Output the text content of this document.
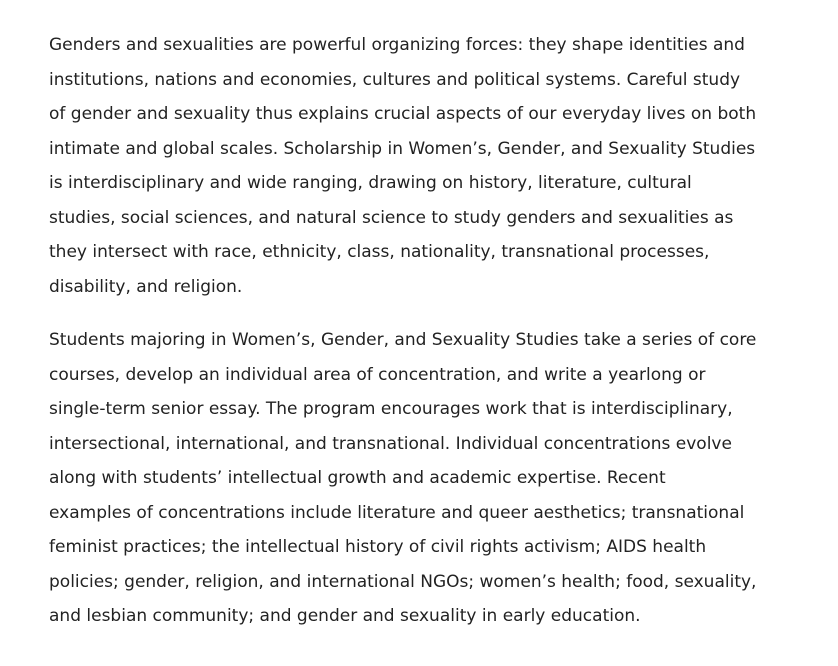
Genders and sexualities are powerful organizing forces: they shape identities and
institutions, nations and economies, cultures and political systems. Careful study
of gender and sexuality thus explains crucial aspects of our everyday lives on both
intimate and global scales. Scholarship in Women’s, Gender, and Sexuality Studies
is interdisciplinary and wide ranging, drawing on history, literature, cultural
studies, social sciences, and natural science to study genders and sexualities as
they intersect with race, ethnicity, class, nationality, transnational processes,
disability, and religion.

Students majoring in Women’s, Gender, and Sexuality Studies take a series of core
courses, develop an individual area of concentration, and write a yearlong or
single-term senior essay. The program encourages work that is interdisciplinary,
intersectional, international, and transnational. Individual concentrations evolve
along with students’ intellectual growth and academic expertise. Recent
examples of concentrations include literature and queer aesthetics; transnational
feminist practices; the intellectual history of civil rights activism; AIDS health
policies; gender, religion, and international NGOs; women’s health; food, sexuality,
and lesbian community; and gender and sexuality in early education.
